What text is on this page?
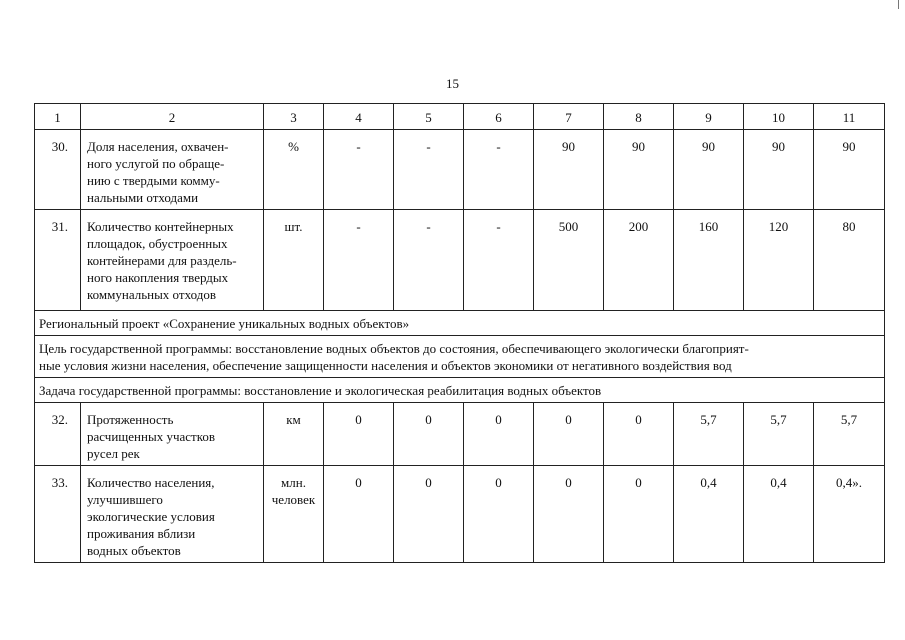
15
1	2	3	4	5	6	7	8	9	10	11
30.	Доля населения, охвачен-
ного услугой по обраще-
нию с твердыми комму-
нальными отходами	%	-	-	-	90	90	90	90	90
31.	Количество контейнерных
площадок, обустроенных
контейнерами для раздель-
ного накопления твердых
коммунальных отходов	шт.	-	-	-	500	200	160	120	80
Региональный проект «Сохранение уникальных водных объектов»										
Цель государственной программы: восстановление водных объектов до состояния, обеспечивающего экологически благоприят-
ные условия жизни населения, обеспечение защищенности населения и объектов экономики от негативного воздействия вод										
Задача государственной программы: восстановление и экологическая реабилитация водных объектов										
32.	Протяженность
расчищенных участков
русел рек	км	0	0	0	0	0	5,7	5,7	5,7
33.	Количество населения,
улучшившего
экологические условия
проживания вблизи
водных объектов	млн.
человек	0	0	0	0	0	0,4	0,4	0,4».
